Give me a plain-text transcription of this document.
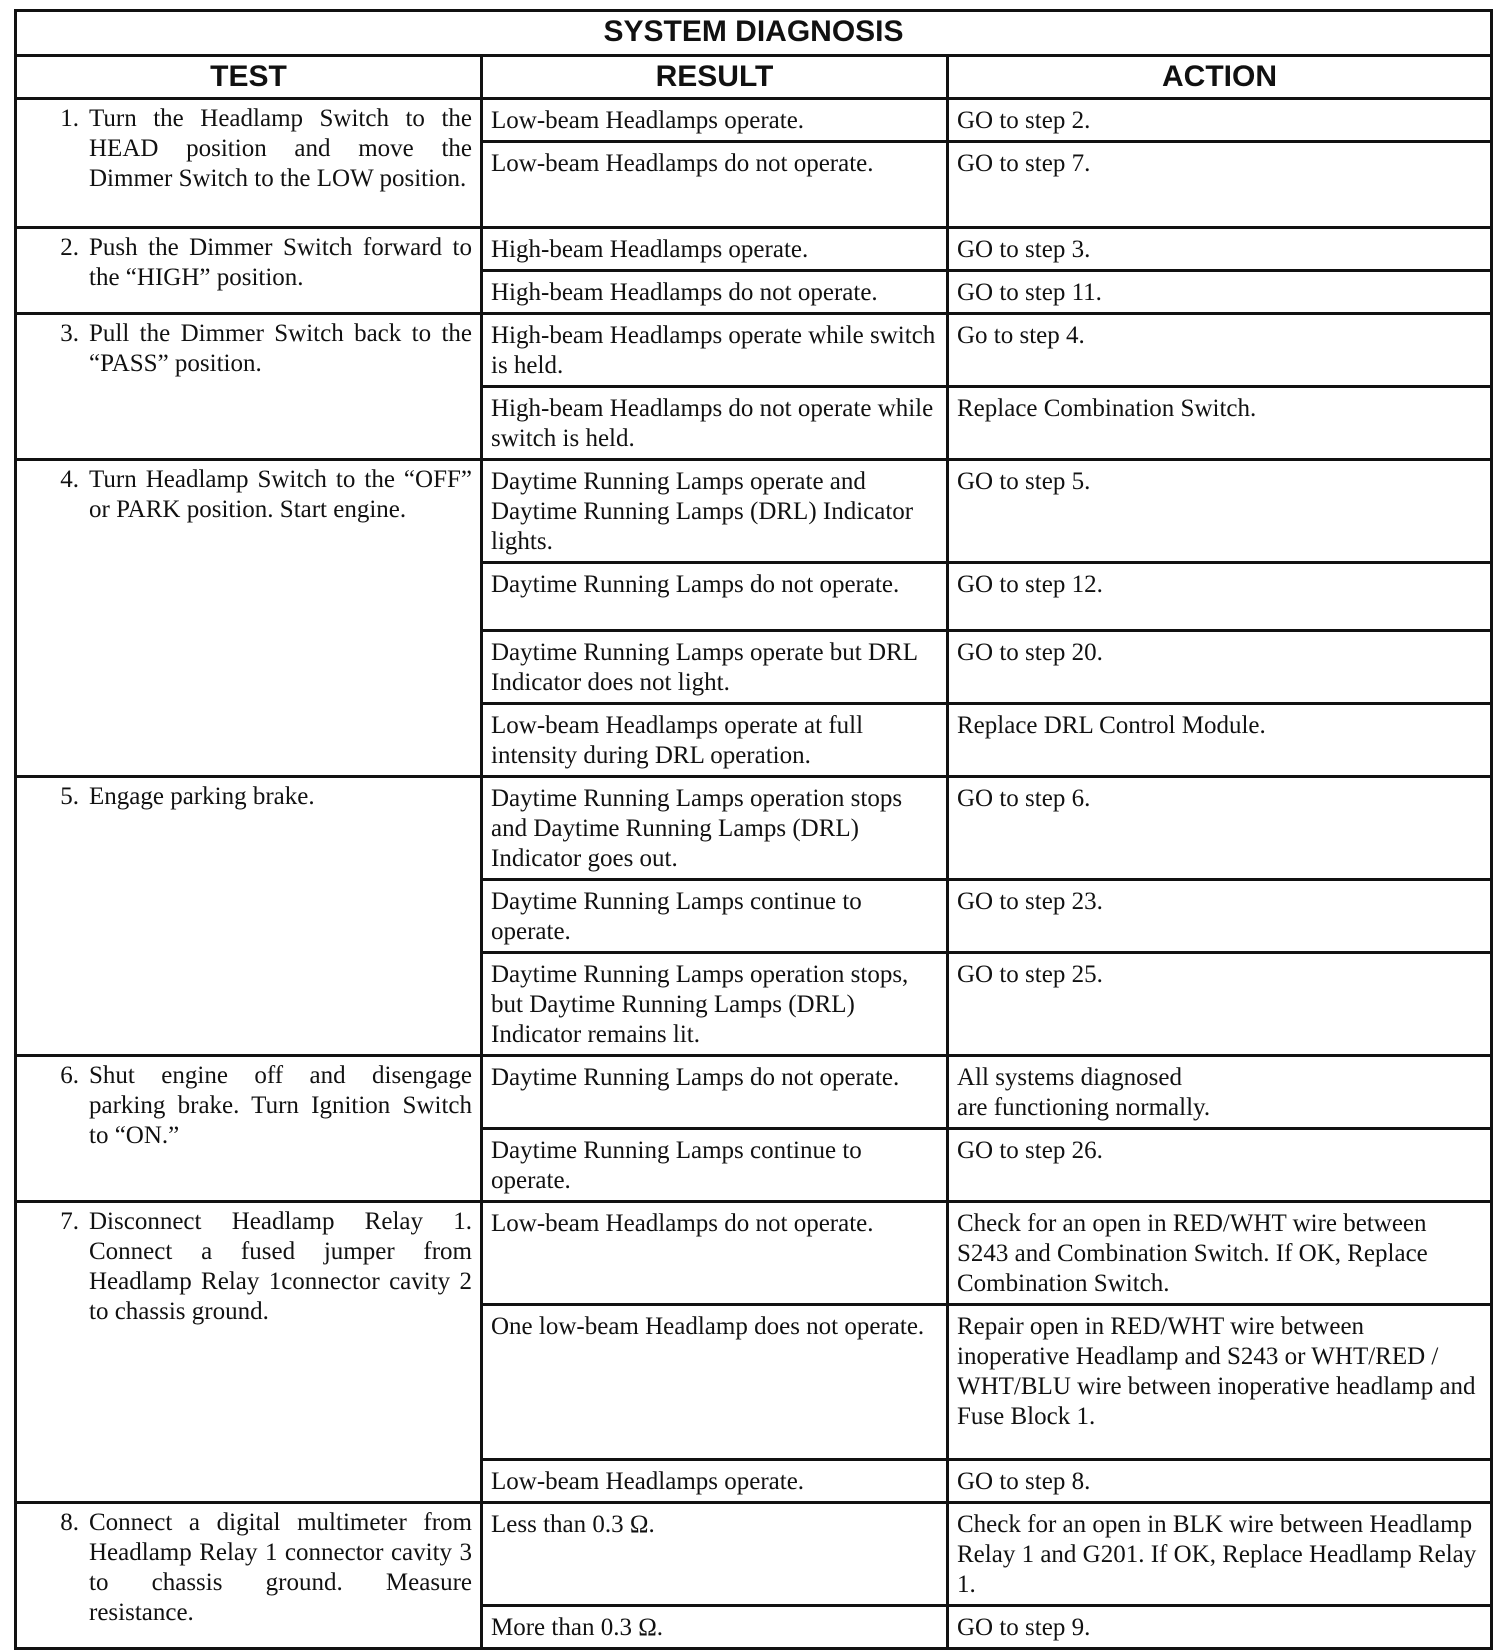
SYSTEM DIAGNOSIS		
TEST	RESULT	ACTION

1. Turn the Headlamp Switch to the HEAD position and move the Dimmer Switch to the LOW position.	Low-beam Headlamps operate.	GO to step 2.
	Low-beam Headlamps do not operate.	GO to step 7.

2. Push the Dimmer Switch forward to the “HIGH” position.	High-beam Headlamps operate.	GO to step 3.
	High-beam Headlamps do not operate.	GO to step 11.

3. Pull the Dimmer Switch back to the “PASS” position.	High-beam Headlamps operate while switch is held.	Go to step 4.
	High-beam Headlamps do not operate while switch is held.	Replace Combination Switch.

4. Turn Headlamp Switch to the “OFF” or PARK position. Start engine.	Daytime Running Lamps operate and Daytime Running Lamps (DRL) Indicator lights.	GO to step 5.
	Daytime Running Lamps do not operate.	GO to step 12.
	Daytime Running Lamps operate but DRL Indicator does not light.	GO to step 20.
	Low-beam Headlamps operate at full intensity during DRL operation.	Replace DRL Control Module.

5. Engage parking brake.	Daytime Running Lamps operation stops and Daytime Running Lamps (DRL) Indicator goes out.	GO to step 6.
	Daytime Running Lamps continue to operate.	GO to step 23.
	Daytime Running Lamps operation stops, but Daytime Running Lamps (DRL) Indicator remains lit.	GO to step 25.

6. Shut engine off and disengage parking brake. Turn Ignition Switch to “ON.”	Daytime Running Lamps do not operate.	All systems diagnosed
are functioning normally.
	Daytime Running Lamps continue to operate.	GO to step 26.

7. Disconnect Headlamp Relay 1. Connect a fused jumper from Headlamp Relay 1connector cavity 2 to chassis ground.	Low-beam Headlamps do not operate.	Check for an open in RED/WHT wire between S243 and Combination Switch. If OK, Replace Combination Switch.
	One low-beam Headlamp does not operate.	Repair open in RED/WHT wire between inoperative Headlamp and S243 or WHT/RED / WHT/BLU wire between inoperative headlamp and Fuse Block 1.
	Low-beam Headlamps operate.	GO to step 8.

8. Connect a digital multimeter from Headlamp Relay 1 connector cavity 3 to chassis ground. Measure resistance.	Less than 0.3 Ω.	Check for an open in BLK wire between Headlamp Relay 1 and G201. If OK, Replace Headlamp Relay 1.
	More than 0.3 Ω.	GO to step 9.
